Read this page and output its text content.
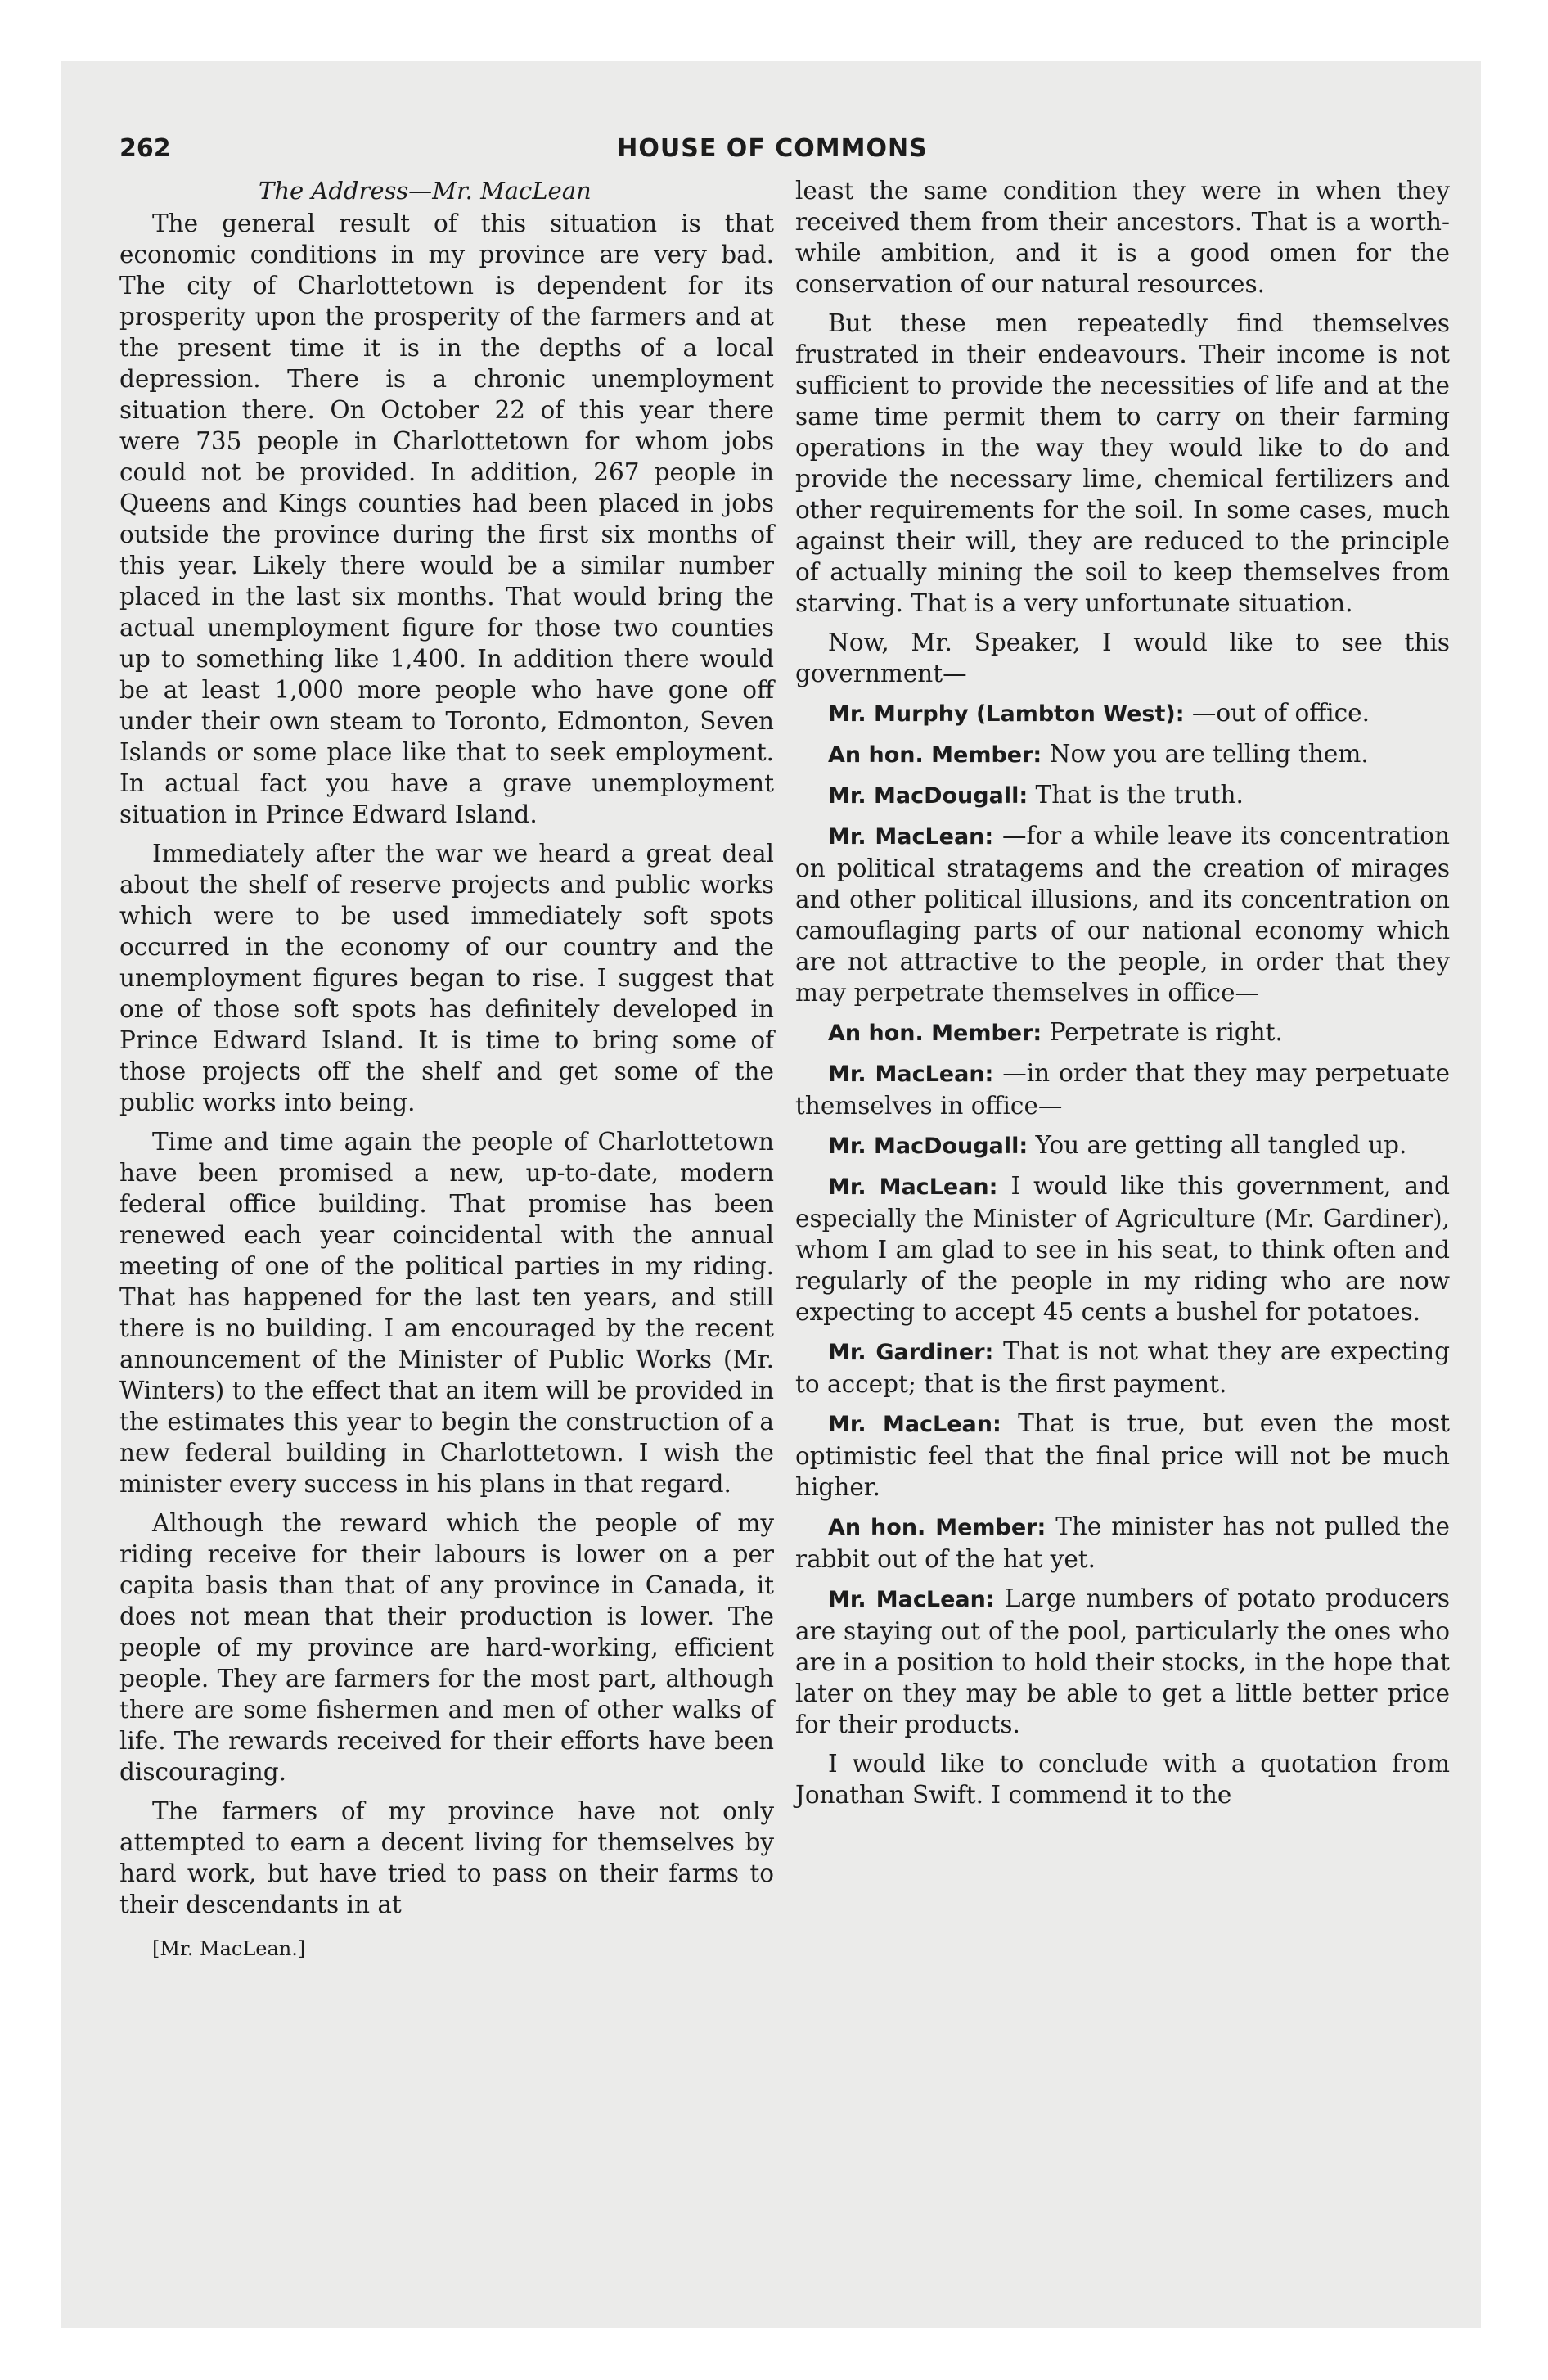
262	HOUSE OF COMMONS
The Address—Mr. MacLean

The general result of this situation is that economic conditions in my province are very bad. The city of Charlottetown is dependent for its prosperity upon the prosperity of the farmers and at the present time it is in the depths of a local depression. There is a chronic unemployment situation there. On October 22 of this year there were 735 people in Charlottetown for whom jobs could not be provided. In addition, 267 people in Queens and Kings counties had been placed in jobs outside the province during the first six months of this year. Likely there would be a similar number placed in the last six months. That would bring the actual unemployment figure for those two counties up to something like 1,400. In addition there would be at least 1,000 more people who have gone off under their own steam to Toronto, Edmonton, Seven Islands or some place like that to seek employment. In actual fact you have a grave unemployment situation in Prince Edward Island.

Immediately after the war we heard a great deal about the shelf of reserve projects and public works which were to be used immediately soft spots occurred in the economy of our country and the unemployment figures began to rise. I suggest that one of those soft spots has definitely developed in Prince Edward Island. It is time to bring some of those projects off the shelf and get some of the public works into being.

Time and time again the people of Charlottetown have been promised a new, up-to-date, modern federal office building. That promise has been renewed each year coincidental with the annual meeting of one of the political parties in my riding. That has happened for the last ten years, and still there is no building. I am encouraged by the recent announcement of the Minister of Public Works (Mr. Winters) to the effect that an item will be provided in the estimates this year to begin the construction of a new federal building in Charlottetown. I wish the minister every success in his plans in that regard.

Although the reward which the people of my riding receive for their labours is lower on a per capita basis than that of any province in Canada, it does not mean that their production is lower. The people of my province are hard-working, efficient people. They are farmers for the most part, although there are some fishermen and men of other walks of life. The rewards received for their efforts have been discouraging.

The farmers of my province have not only attempted to earn a decent living for themselves by hard work, but have tried to pass on their farms to their descendants in at

[Mr. MacLean.]

least the same condition they were in when they received them from their ancestors. That is a worth-while ambition, and it is a good omen for the conservation of our natural resources.

But these men repeatedly find themselves frustrated in their endeavours. Their income is not sufficient to provide the necessities of life and at the same time permit them to carry on their farming operations in the way they would like to do and provide the necessary lime, chemical fertilizers and other requirements for the soil. In some cases, much against their will, they are reduced to the principle of actually mining the soil to keep themselves from starving. That is a very unfortunate situation.

Now, Mr. Speaker, I would like to see this government—

Mr. Murphy (Lambton West): —out of office.

An hon. Member: Now you are telling them.

Mr. MacDougall: That is the truth.

Mr. MacLean: —for a while leave its concentration on political stratagems and the creation of mirages and other political illusions, and its concentration on camouflaging parts of our national economy which are not attractive to the people, in order that they may perpetrate themselves in office—

An hon. Member: Perpetrate is right.

Mr. MacLean: —in order that they may perpetuate themselves in office—

Mr. MacDougall: You are getting all tangled up.

Mr. MacLean: I would like this government, and especially the Minister of Agriculture (Mr. Gardiner), whom I am glad to see in his seat, to think often and regularly of the people in my riding who are now expecting to accept 45 cents a bushel for potatoes.

Mr. Gardiner: That is not what they are expecting to accept; that is the first payment.

Mr. MacLean: That is true, but even the most optimistic feel that the final price will not be much higher.

An hon. Member: The minister has not pulled the rabbit out of the hat yet.

Mr. MacLean: Large numbers of potato producers are staying out of the pool, particularly the ones who are in a position to hold their stocks, in the hope that later on they may be able to get a little better price for their products.

I would like to conclude with a quotation from Jonathan Swift. I commend it to the
